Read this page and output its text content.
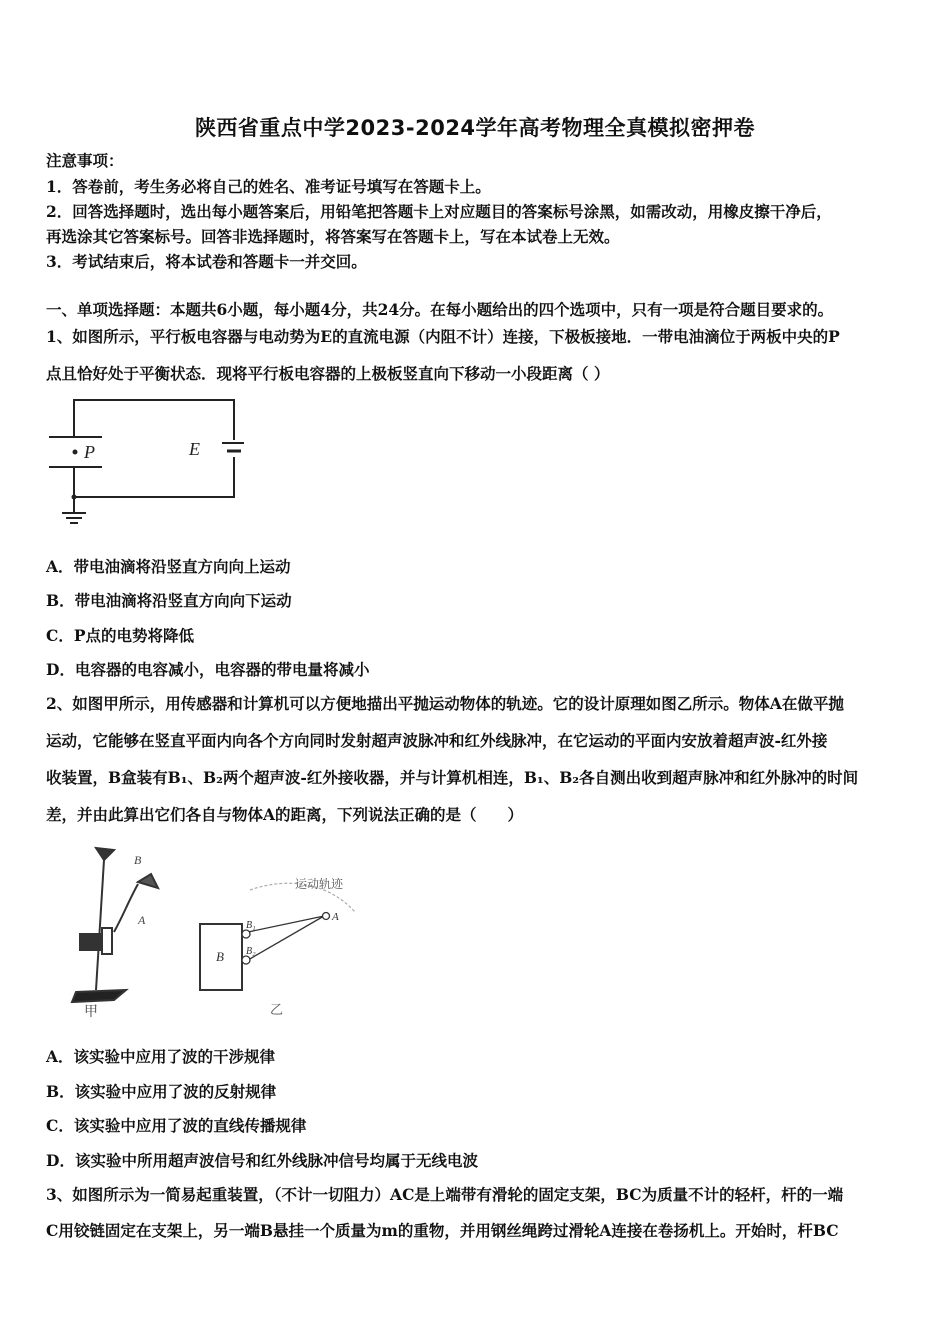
陕西省重点中学2023-2024学年高考物理全真模拟密押卷
注意事项：
1．答卷前，考生务必将自己的姓名、准考证号填写在答题卡上。
2．回答选择题时，选出每小题答案后，用铅笔把答题卡上对应题目的答案标号涂黑，如需改动，用橡皮擦干净后，
再选涂其它答案标号。回答非选择题时，将答案写在答题卡上，写在本试卷上无效。
3．考试结束后，将本试卷和答题卡一并交回。
一、单项选择题：本题共6小题，每小题4分，共24分。在每小题给出的四个选项中，只有一项是符合题目要求的。
1、如图所示，平行板电容器与电动势为E的直流电源（内阻不计）连接，下极板接地．一带电油滴位于两板中央的P
点且恰好处于平衡状态．现将平行板电容器的上极板竖直向下移动一小段距离（ ）
P	E
A．带电油滴将沿竖直方向向上运动
B．带电油滴将沿竖直方向向下运动
C．P点的电势将降低
D．电容器的电容减小，电容器的带电量将减小
2、如图甲所示，用传感器和计算机可以方便地描出平抛运动物体的轨迹。它的设计原理如图乙所示。物体A在做平抛
运动，它能够在竖直平面内向各个方向同时发射超声波脉冲和红外线脉冲，在它运动的平面内安放着超声波-红外接
收装置，B盒装有B₁、B₂两个超声波-红外接收器，并与计算机相连，B₁、B₂各自测出收到超声脉冲和红外脉冲的时间
差，并由此算出它们各自与物体A的距离，下列说法正确的是（　　）
B
A
甲
运动轨迹
B
B₁
B₂
A
乙
A．该实验中应用了波的干涉规律
B．该实验中应用了波的反射规律
C．该实验中应用了波的直线传播规律
D．该实验中所用超声波信号和红外线脉冲信号均属于无线电波
3、如图所示为一简易起重装置，（不计一切阻力）AC是上端带有滑轮的固定支架，BC为质量不计的轻杆，杆的一端
C用铰链固定在支架上，另一端B悬挂一个质量为m的重物，并用钢丝绳跨过滑轮A连接在卷扬机上。开始时，杆BC
